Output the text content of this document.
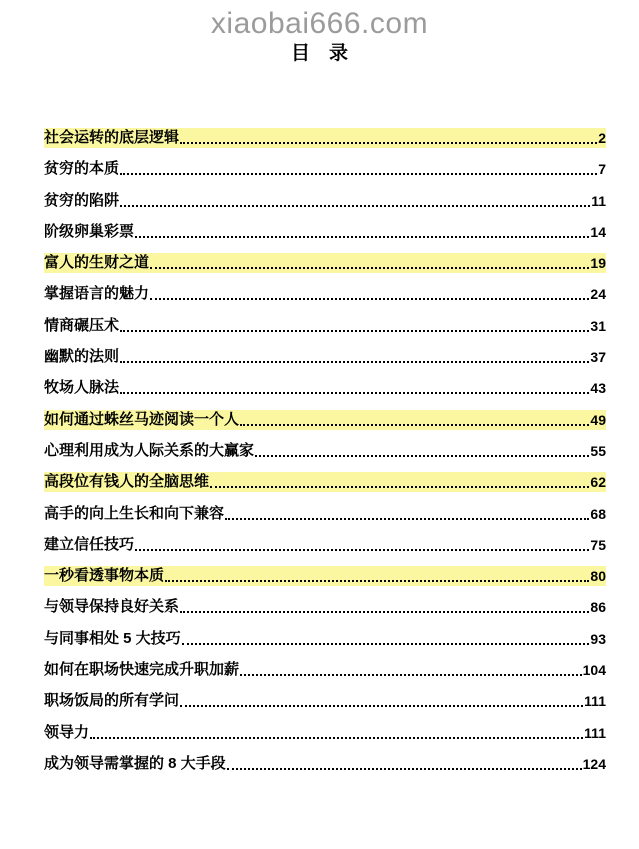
xiaobai666.com
目　录
社会运转的底层逻辑	2
贫穷的本质	7
贫穷的陷阱	11
阶级卵巢彩票	14
富人的生财之道	19
掌握语言的魅力	24
情商碾压术	31
幽默的法则	37
牧场人脉法	43
如何通过蛛丝马迹阅读一个人	49
心理利用成为人际关系的大赢家	55
高段位有钱人的全脑思维	62
高手的向上生长和向下兼容	68
建立信任技巧	75
一秒看透事物本质	80
与领导保持良好关系	86
与同事相处 5 大技巧	93
如何在职场快速完成升职加薪	104
职场饭局的所有学问	111
领导力	111
成为领导需掌握的 8 大手段	124
